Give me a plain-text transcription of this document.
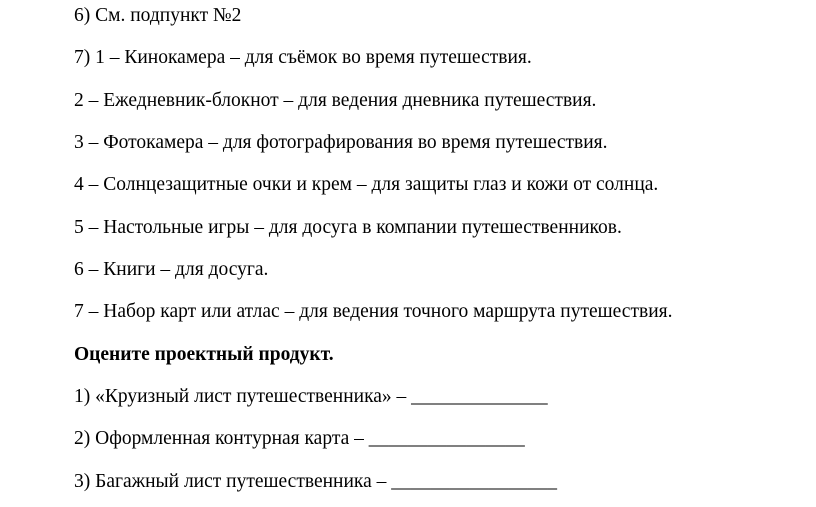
6) См. подпункт №2
7) 1 – Кинокамера – для съёмок во время путешествия.
2 – Ежедневник-блокнот – для ведения дневника путешествия.
3 – Фотокамера – для фотографирования во время путешествия.
4 – Солнцезащитные очки и крем – для защиты глаз и кожи от солнца.
5 – Настольные игры – для досуга в компании путешественников.
6 – Книги – для досуга.
7 – Набор карт или атлас – для ведения точного маршрута путешествия.
Оцените проектный продукт.
1) «Круизный лист путешественника» – ______________
2) Оформленная контурная карта – ________________
3) Багажный лист путешественника – _________________
